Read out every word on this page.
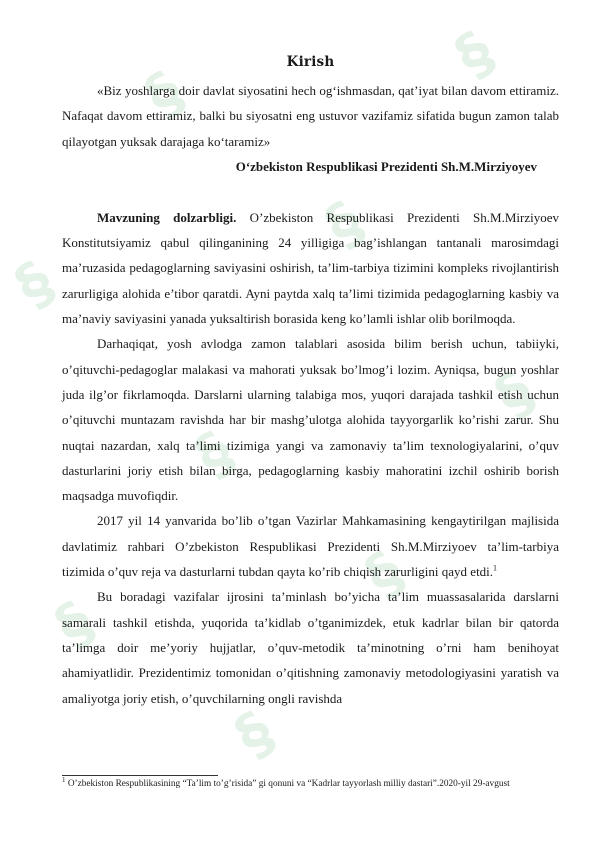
§
§
§
§
§
§
§
§
§
Kirish

«Biz yoshlarga doir davlat siyosatini hech og‘ishmasdan, qat’iyat bilan davom ettiramiz. Nafaqat davom ettiramiz, balki bu siyosatni eng ustuvor vazifamiz sifatida bugun zamon talab qilayotgan yuksak darajaga ko‘taramiz»

O‘zbekiston Respublikasi Prezidenti Sh.M.Mirziyoyev

Mavzuning dolzarbligi. O’zbekiston Respublikasi Prezidenti Sh.M.Mirziyoev Konstitutsiyamiz qabul qilinganining 24 yilligiga bag’ishlangan tantanali marosimdagi ma’ruzasida pedagoglarning saviyasini oshirish, ta’lim-tarbiya tizimini kompleks rivojlantirish zarurligiga alohida e’tibor qaratdi. Ayni paytda xalq ta’limi tizimida pedagoglarning kasbiy va ma’naviy saviyasini yanada yuksaltirish borasida keng ko’lamli ishlar olib borilmoqda.

Darhaqiqat, yosh avlodga zamon talablari asosida bilim berish uchun, tabiiyki, o’qituvchi-pedagoglar malakasi va mahorati yuksak bo’lmog’i lozim. Ayniqsa, bugun yoshlar juda ilg’or fikrlamoqda. Darslarni ularning talabiga mos, yuqori darajada tashkil etish uchun o’qituvchi muntazam ravishda har bir mashg’ulotga alohida tayyorgarlik ko’rishi zarur. Shu nuqtai nazardan, xalq ta’limi tizimiga yangi va zamonaviy ta’lim texnologiyalarini, o’quv dasturlarini joriy etish bilan birga, pedagoglarning kasbiy mahoratini izchil oshirib borish maqsadga muvofiqdir.

2017 yil 14 yanvarida bo’lib o’tgan Vazirlar Mahkamasining kengaytirilgan majlisida davlatimiz rahbari O’zbekiston Respublikasi Prezidenti Sh.M.Mirziyoev ta’lim-tarbiya tizimida o’quv reja va dasturlarni tubdan qayta ko’rib chiqish zarurligini qayd etdi.$^1$

Bu boradagi vazifalar ijrosini ta’minlash bo’yicha ta’lim muassasalarida darslarni samarali tashkil etishda, yuqorida ta’kidlab o’tganimizdek, etuk kadrlar bilan bir qatorda ta’limga doir me’yoriy hujjatlar, o’quv-metodik ta’minotning o’rni ham benihoyat ahamiyatlidir. Prezidentimiz tomonidan o’qitishning zamonaviy metodologiyasini yaratish va amaliyotga joriy etish, o’quvchilarning ongli ravishda

$^1$ O’zbekiston Respublikasining “Ta’lim to’g’risida” gi qonuni va “Kadrlar tayyorlash milliy dastari”.2020-yil 29-avgust
